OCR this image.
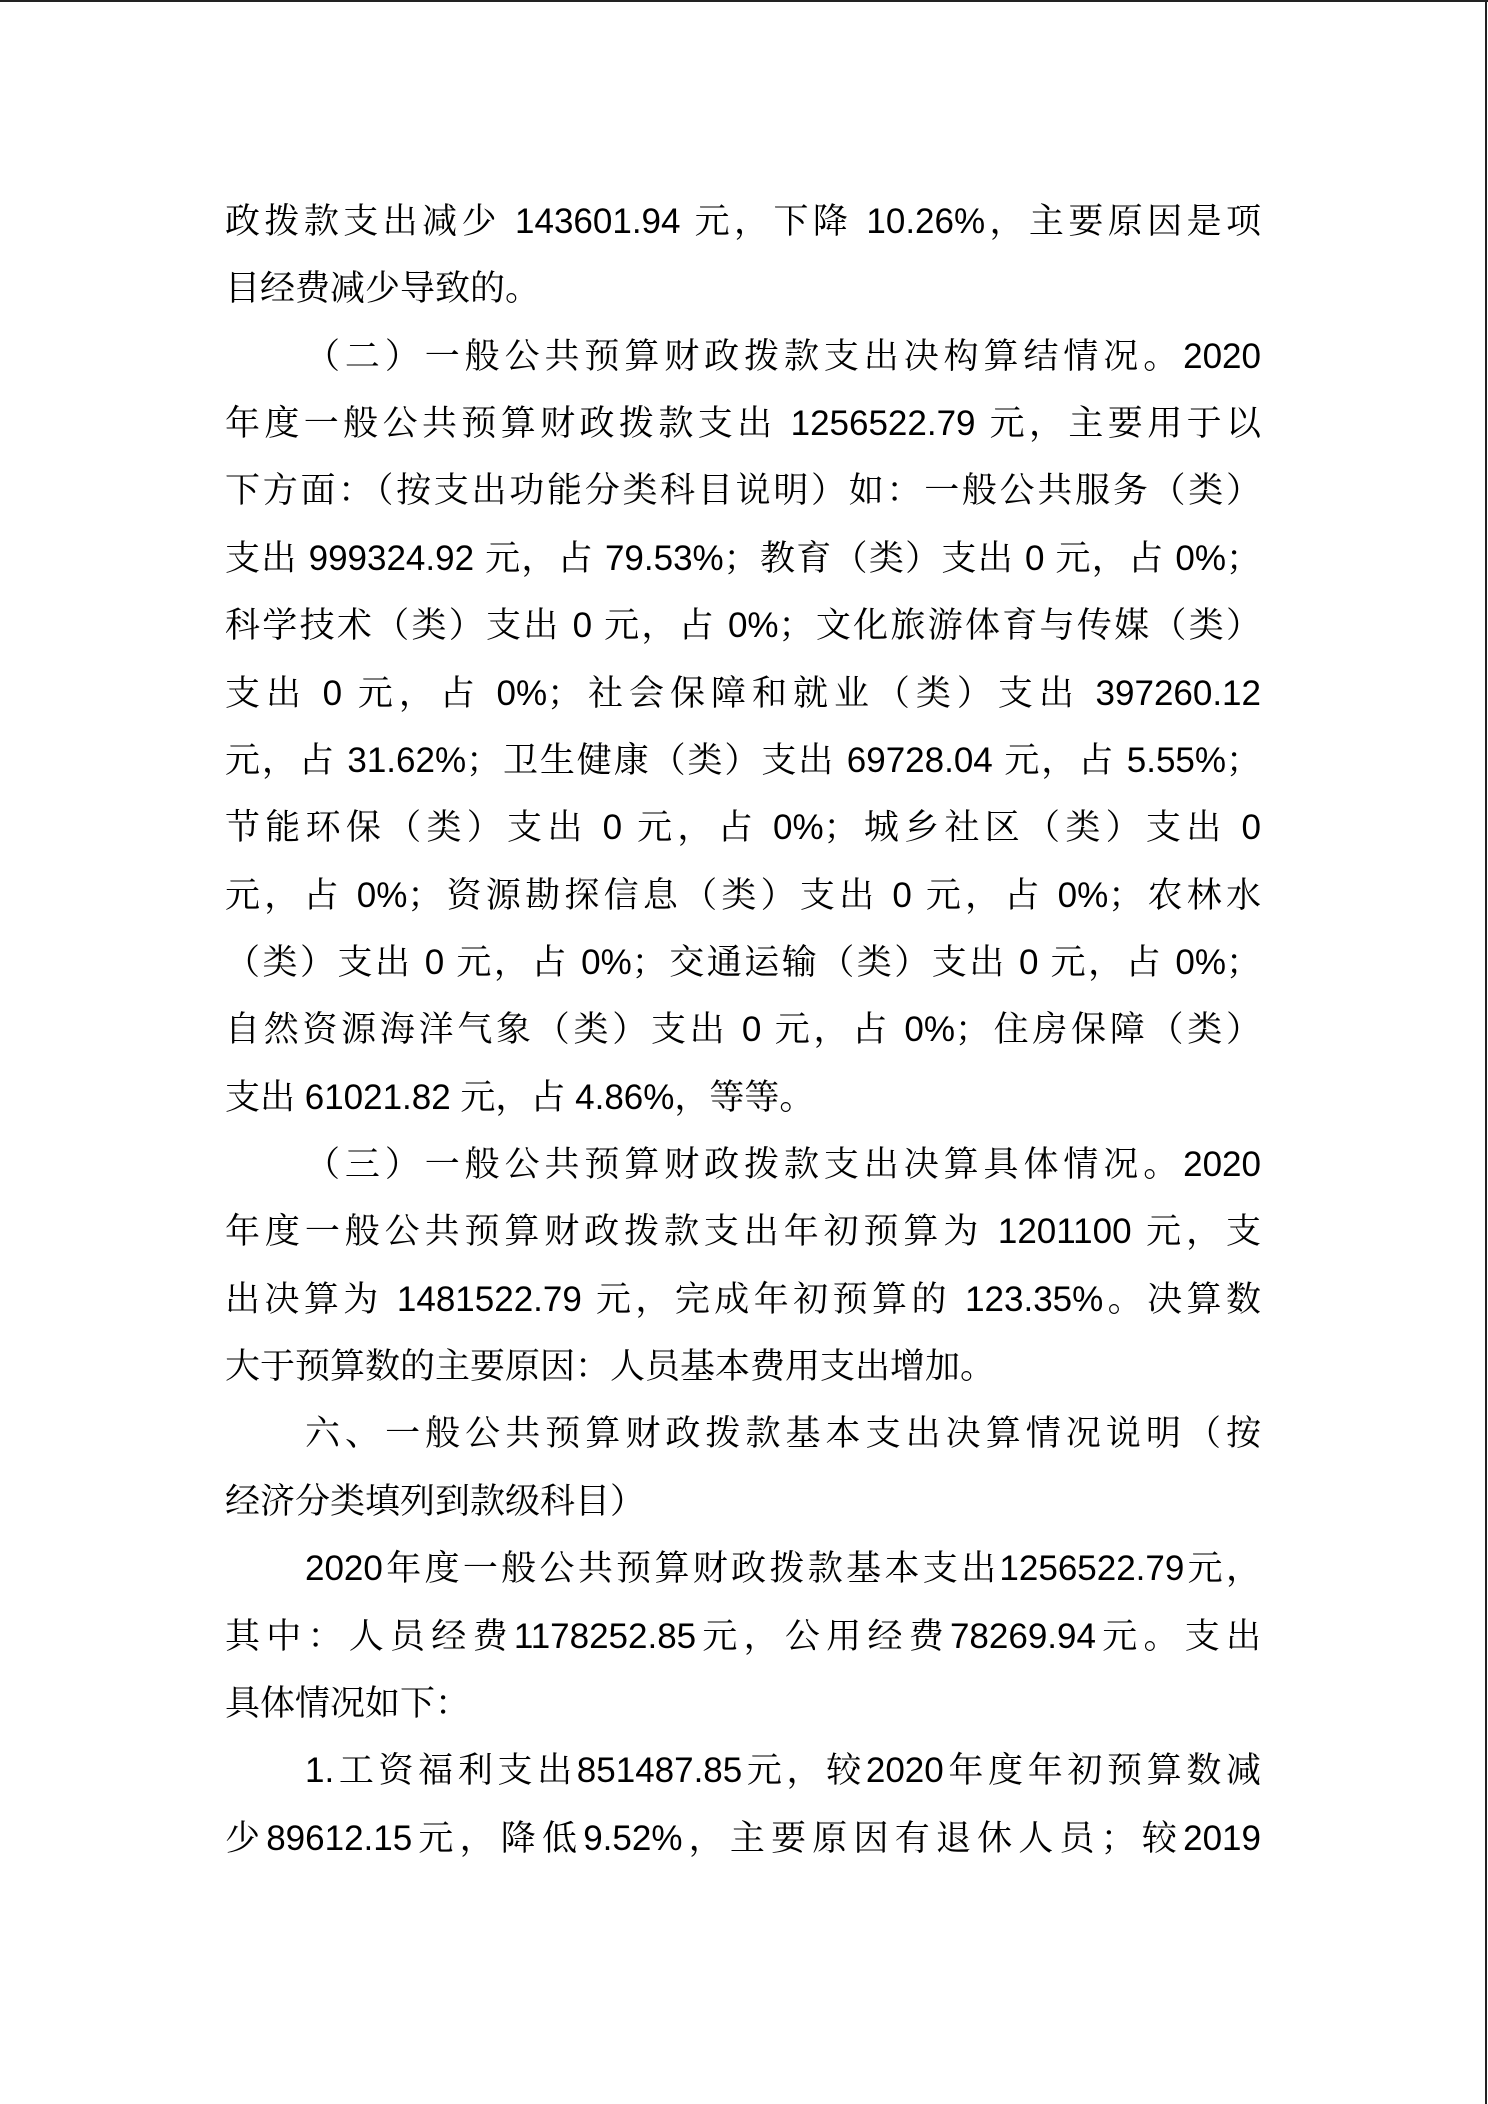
政拨款支出减少 143601.94 元，下降 10.26%，主要原因是项
目经费减少导致的。
（二）一般公共预算财政拨款支出决构算结情况。2020
年度一般公共预算财政拨款支出 1256522.79 元，主要用于以
下方面：（按支出功能分类科目说明）如：一般公共服务（类）
支出 999324.92 元，占 79.53%；教育（类）支出 0 元，占 0%；
科学技术（类）支出 0 元，占 0%；文化旅游体育与传媒（类）
支出 0 元，占 0%；社会保障和就业（类）支出 397260.12
元，占 31.62%；卫生健康（类）支出 69728.04 元，占 5.55%；
节能环保（类）支出 0 元，占 0%；城乡社区（类）支出 0
元，占 0%；资源勘探信息（类）支出 0 元，占 0%；农林水
（类）支出 0 元，占 0%；交通运输（类）支出 0 元，占 0%；
自然资源海洋气象（类）支出 0 元，占 0%；住房保障（类）
支出 61021.82 元，占 4.86%，等等。
（三）一般公共预算财政拨款支出决算具体情况。2020
年度一般公共预算财政拨款支出年初预算为 1201100 元，支
出决算为 1481522.79 元，完成年初预算的 123.35%。决算数
大于预算数的主要原因：人员基本费用支出增加。
六、一般公共预算财政拨款基本支出决算情况说明（按
经济分类填列到款级科目）
2020年度一般公共预算财政拨款基本支出1256522.79元，
其中：人员经费1178252.85元，公用经费78269.94元。支出
具体情况如下：
1.工资福利支出851487.85元，较2020年度年初预算数减
少89612.15元，降低9.52%，主要原因有退休人员；较2019
